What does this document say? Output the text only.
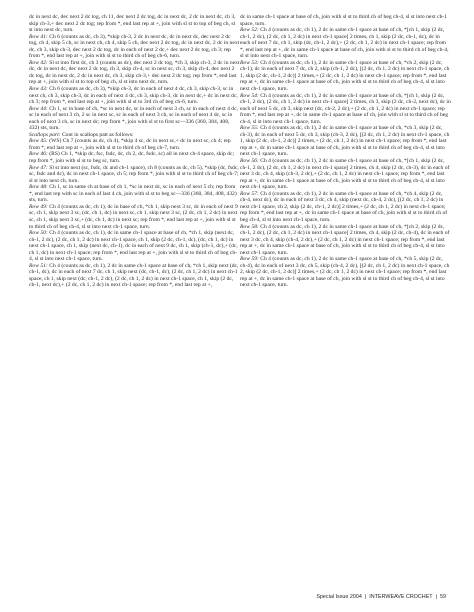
dc in next dc, dec next 2 dc tog, ch 11, dec next 2 dc tog, dc in next dc, 2 dc in next dc, ch 3, skip ch-3,+ dec next 2 dc tog; rep from *, end last rep at +, join with sl st to top of beg ch, sl st into next dc, turn.

Row 41: Ch 6 (counts as dc, ch 3), *skip ch-3, 2 dc in next dc, dc in next dc, dec next 2 dc tog, ch 4, skip 5 ch, sc in next ch, ch 4, skip 5 ch, dec next 2 dc tog, dc in next dc, 2 dc in next dc, ch 3, skip ch-3, dec next 2 dc tog, dc in each of next 2 dc,+ dec next 2 dc tog, ch 3; rep from *, end last rep at +, join with sl st to third ch of beg ch-6, turn.

Row 42: Sl st into first dc, ch 3 (counts as dc), dec next 2 dc tog, *ch 3, skip ch-3, 2 dc in next dc, dc in next dc, dec next 2 dc tog, ch 3, skip ch-4, sc in next sc, ch 3, skip ch-4, dec next 2 dc tog, dc in next dc, 2 dc in next dc, ch 3, skip ch-3,+ dec next 2 dc tog; rep from *, end last rep at +, join with sl st to top of beg ch, sl st into next dc, turn.

Row 43: Ch 6 (counts as dc, ch 3), *skip ch-3, dc in each of next 4 dc, ch 3, skip ch-3, sc in next ch, ch 3, skip ch-3, dc in each of next 4 dc, ch 3, skip ch-3, dc in next dc,+ dc in next dc, ch 3; rep from *, end last rep at +, join with sl st to 3rd ch of beg ch-6, turn.

Row 44: Ch 1, sc in base of ch, *sc in next dc, sc in each of next 3 ch, sc in each of next 4 dc, sc in each of next 3 ch, 2 sc in next sc, sc in each of next 3 ch, sc in each of next 4 dc, sc in each of next 3 ch, sc in next dc; rep from *, join with sl st to first sc—336 (360, 384, 408, 432) sts, turn.

Scallops part: Cont in scallops patt as follows:

Row 45: (WS) Ch 7 (counts as dc, ch 4), *skip 4 sc, dc in next sc,+ dc in next sc, ch 4; rep from *, end last rep at +, join with sl st to third ch of beg ch-7, turn.

Row 46: (RS) Ch 1, *skip dc, fsc, fsdc, dc, ch 2, dc, fsdc, sc) all in next ch-4 space, skip dc; rep from *, join with sl st to beg sc, turn.

Row 47: Sl st into next (sc, fsdc, dc and ch-1 space), ch 8 (counts as dc, ch 5), *skip (dc, fsdc, sc, fsdc and dc), dc in next ch-1 space, ch 5; rep from *, join with sl st to third ch of beg ch-7; sl st into next ch, turn.

Row 48: Ch 1, sc in same ch at base of ch 1, *sc in next dc, sc in each of next 5 ch; rep from *, end last rep with sc in each of last 4 ch, join with sl st to beg sc—336 (360, 384, 408, 432) sts, turn.

Row 49: Ch 4 (counts as dc, ch 1), dc in base of ch, *ch 1, skip next 3 sc, dc in each of next 9 sc, ch 1, skip next 3 sc, (dc, ch 1, dc) in next sc, ch 1, skip next 3 sc, (2 dc, ch 1, 2 dc) in next sc, ch 1, skip next 3 sc,+ (dc, ch 1, dc) in next sc; rep from *, end last rep at +, join with sl st to third ch of beg ch-4, sl st into next ch-1 space, turn.

Row 50: Ch 4 (counts as dc, ch 1), dc in same ch-1 space at base of ch, *ch 1, skip (next dc, ch-1, 2 dc), (2 dc, ch 1, 2 dc) in next ch-1 space, ch 1, skip (2 dc, ch-1, dc), (dc, ch 1, dc) in next ch-1 space, ch 1, skip (next dc, ch-1), dc in each of next 9 dc, ch 1, skip (ch-1, dc),+ (dc, ch 1, dc) in next ch-1 space; rep from *, end last rep at +, join with sl st to third ch of beg ch-4, sl st into next ch-1 space, turn.

Row 51: Ch 4 (counts as dc, ch 1), 2 dc in same ch-1 space at base of ch, *ch 1, skip next (dc, ch-1, dc), dc in each of next 7 dc, ch 1, skip next (dc, ch-1, dc), (2 dc, ch 1, 2 dc) in next ch-1 space, ch 1, skip next (dc, ch-1, 2 dc), (2 dc, ch 1, 2 dc) in next ch-1 space, ch 1, skip (2 dc, ch-1, next dc),+ (2 dc, ch 1, 2 dc) in next ch-1 space; rep from *, end last rep at +,

dc in same ch-1 space at base of ch, join with sl st to third ch of beg ch-4, sl st into next ch-1 space, turn.

Row 52: Ch 4 (counts as dc, ch 1), 2 dc in same ch-1 space at base of ch, *[ch 1, skip (2 dc, ch-1, 2 dc), (2 dc, ch 1, 2 dc) in next ch-1 space] 2 times, ch 1, skip (2 dc, ch-1, dc), dc in each of next 7 dc, ch 1, skip (dc, ch-1, 2 dc),+ (2 dc, ch 1, 2 dc) in next ch-1 space; rep from *, end last rep at +, dc in same ch-1 space at base of ch, join with sl st to third ch of beg ch-4, sl st into next ch-1 space, turn.

Row 53: Ch 4 (counts as dc, ch 1), 2 dc in same ch-1 space at base of ch, *ch 2, skip (2 dc, ch-1), dc in each of next 7 dc, ch 2, skip (ch-1, 2 dc), [(2 dc, ch 1, 2 dc) in next ch-1 space, ch 1, skip (2 dc, ch-1, 2 dc)] 2 times,+ (2 dc, ch 1, 2 dc) in next ch-1 space; rep from *, end last rep at +, dc in same ch-1 space at base of ch, join with sl st to third ch of beg ch-4, sl st into next ch-1 space, turn.

Row 54: Ch 4 (counts as dc, ch 1), 2 dc in same ch-1 space at base of ch, *[ch 1, skip (2 dc, ch-1, 2 dc), (2 dc, ch 1, 2 dc) in next ch-1 space] 2 times, ch 3, skip (2 dc, ch-2, next dc), dc in each of next 5 dc, ch 3, skip next (dc, ch-2, 2 dc),+ (2 dc, ch 1, 2 dc) in next ch-1 space; rep from *, end last rep at +, dc in same ch-1 space at base of ch, join with sl st to third ch of beg ch-4, sl st into next ch-1 space, turn.

Row 55: Ch 4 (counts as dc, ch 1), 2 dc in same ch-1 space at base of ch, *ch 3, skip (2 dc, ch-3), dc in each of next 5 dc, ch 3, skip (ch-3, 2 dc), [(2 dc, ch 1, 2 dc) in next ch-1 space, ch 1, skip (2 dc, ch-1, 2 dc)] 2 times,+ (2 dc, ch 1, 2 dc) in next ch-1 space; rep from *, end last rep at +, dc in same ch-1 space at base of ch, join with sl st to third ch of beg ch-4, sl st into next ch-1 space, turn.

Row 56: Ch 4 (counts as dc, ch 1), 2 dc in same ch-1 space at base of ch, *[ch 1, skip (2 dc, ch-1, 2 dc), (2 dc, ch 1, 2 dc) in next ch-1 space] 2 times, ch 4, skip (2 dc, ch-3), dc in each of next 3 dc, ch 4, skip (ch-3, 2 dc),+ (2 dc, ch 1, 2 dc) in next ch-1 space; rep from *, end last rep at +, dc in same ch-1 space at base of ch, join with sl st to third ch of beg ch-4, sl st into next ch-1 space, turn.

Row 57: Ch 4 (counts as dc, ch 1), 2 dc in same ch-1 space at base of ch, *ch 4, skip (2 dc, ch-4, next dc), dc in each of next 3 dc, ch 4, skip (next dc, ch-4, 2 dc), [(2 dc, ch 1, 2 dc) in next ch-1 space, ch 2, skip (2 dc, ch-1, 2 dc)] 2 times,+ (2 dc, ch 1, 2 dc) in next ch-1 space; rep from *, end last rep at +, dc in same ch-1 space at base of ch, join with sl st to third ch of beg ch-4, sl st into next ch-1 space, turn.

Row 58: Ch 4 (counts as dc, ch 1), 2 dc in same ch-1 space at base of ch, *[ch 2, skip (2 dc, ch-1, 2 dc), (2 dc, ch 1, 2 dc) in next ch-1 space] 2 times, ch 4, skip (2 dc, ch-4), dc in each of next 3 dc, ch 4, skip (ch-4, 2 dc),+ (2 dc, ch 1, 2 dc) in next ch-1 space; rep from *, end last rep at +, dc in same ch-1 space at base of ch, join with sl st to third ch of beg ch-4, sl st into next ch-1 space, turn.

Row 59: Ch 4 (counts as dc, ch 1), 2 dc in same ch-1 space at base of ch, *ch 5, skip (2 dc, ch-4), dc in each of next 3 dc, ch 5, skip (ch-4, 2 dc), [(2 dc, ch 1, 2 dc) in next ch-1 space, ch 2, skip (2 dc, ch-1, 2 dc)] 2 times,+ (2 dc, ch 1, 2 dc) in next ch-1 space; rep from *, end last rep at +, dc in same ch-1 space at base of ch, join with sl st to third ch of beg ch-4, sl st into next ch-1 space, turn.

Special Issue 2004 | INTERWEAVE CROCHET | 59
